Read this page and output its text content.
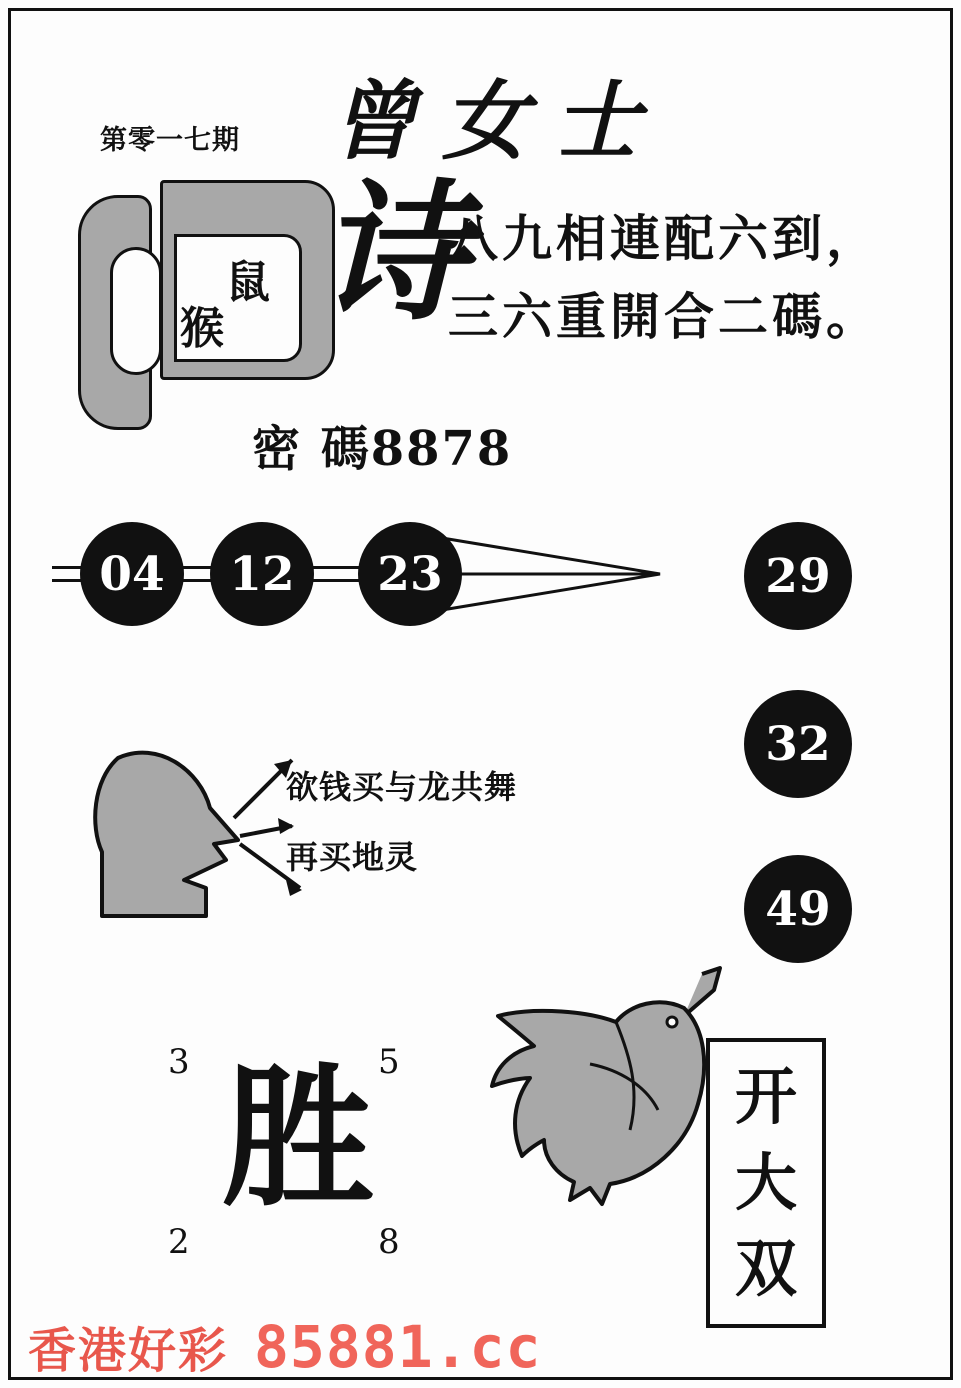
第零一七期 曾女士
鼠
猴 诗
八九相連配六到，
三六重開合二碼。
密 碼8878
04	12	23	29
32
49
欲钱买与龙共舞
再买地灵
3	5
2	8
胜	开
大
双
香港好彩 85881.cc
